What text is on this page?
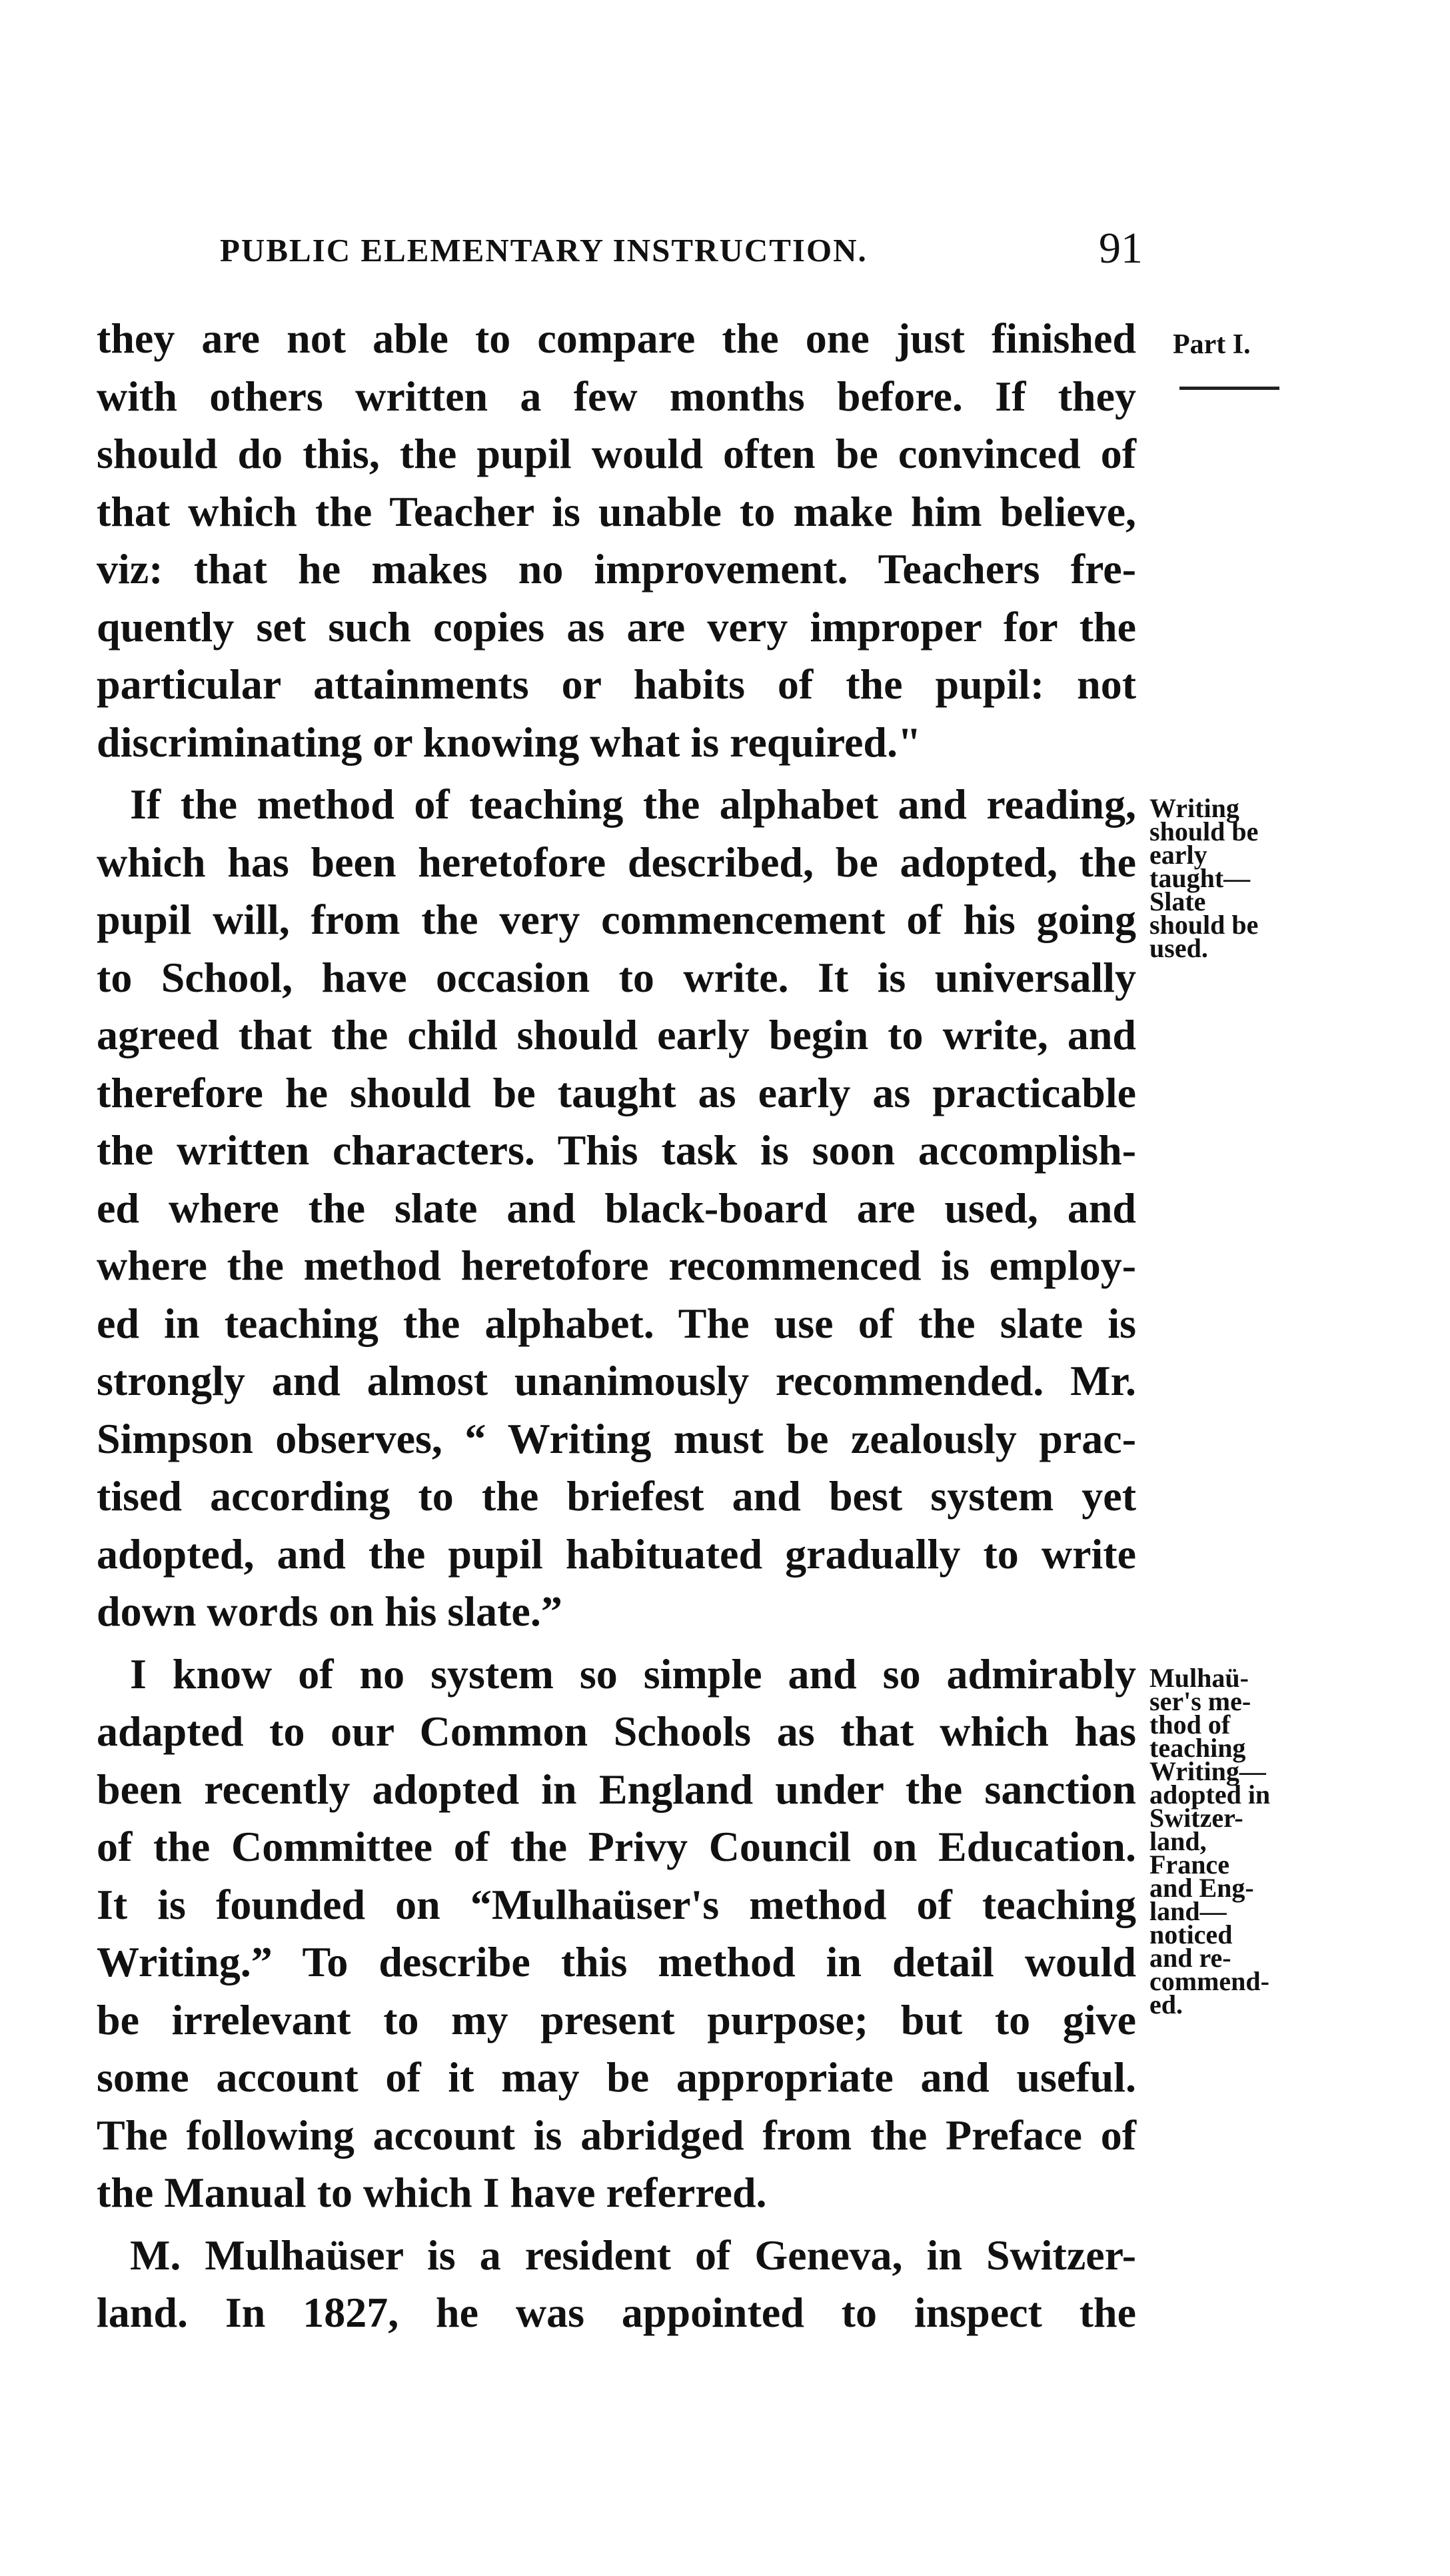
PUBLIC ELEMENTARY INSTRUCTION.	91
they are not able to compare the one just finished
with others written a few months before. If they
should do this, the pupil would often be convinced of
that which the Teacher is unable to make him believe,
viz: that he makes no improvement. Teachers fre-
quently set such copies as are very improper for the
particular attainments or habits of the pupil: not
discriminating or knowing what is required."
If the method of teaching the alphabet and reading,
which has been heretofore described, be adopted, the
pupil will, from the very commencement of his going
to School, have occasion to write. It is universally
agreed that the child should early begin to write, and
therefore he should be taught as early as practicable
the written characters. This task is soon accomplish-
ed where the slate and black-board are used, and
where the method heretofore recommenced is employ-
ed in teaching the alphabet. The use of the slate is
strongly and almost unanimously recommended. Mr.
Simpson observes, “ Writing must be zealously prac-
tised according to the briefest and best system yet
adopted, and the pupil habituated gradually to write
down words on his slate.”
I know of no system so simple and so admirably
adapted to our Common Schools as that which has
been recently adopted in England under the sanction
of the Committee of the Privy Council on Education.
It is founded on “Mulhaüser's method of teaching
Writing.” To describe this method in detail would
be irrelevant to my present purpose; but to give
some account of it may be appropriate and useful.
The following account is abridged from the Preface of
the Manual to which I have referred.
M. Mulhaüser is a resident of Geneva, in Switzer-
land. In 1827, he was appointed to inspect the
Part I.
Writing
should be
early
taught—
Slate
should be
used.
Mulhaü-
ser's me-
thod of
teaching
Writing—
adopted in
Switzer-
land,
France
and Eng-
land—
noticed
and re-
commend-
ed.
